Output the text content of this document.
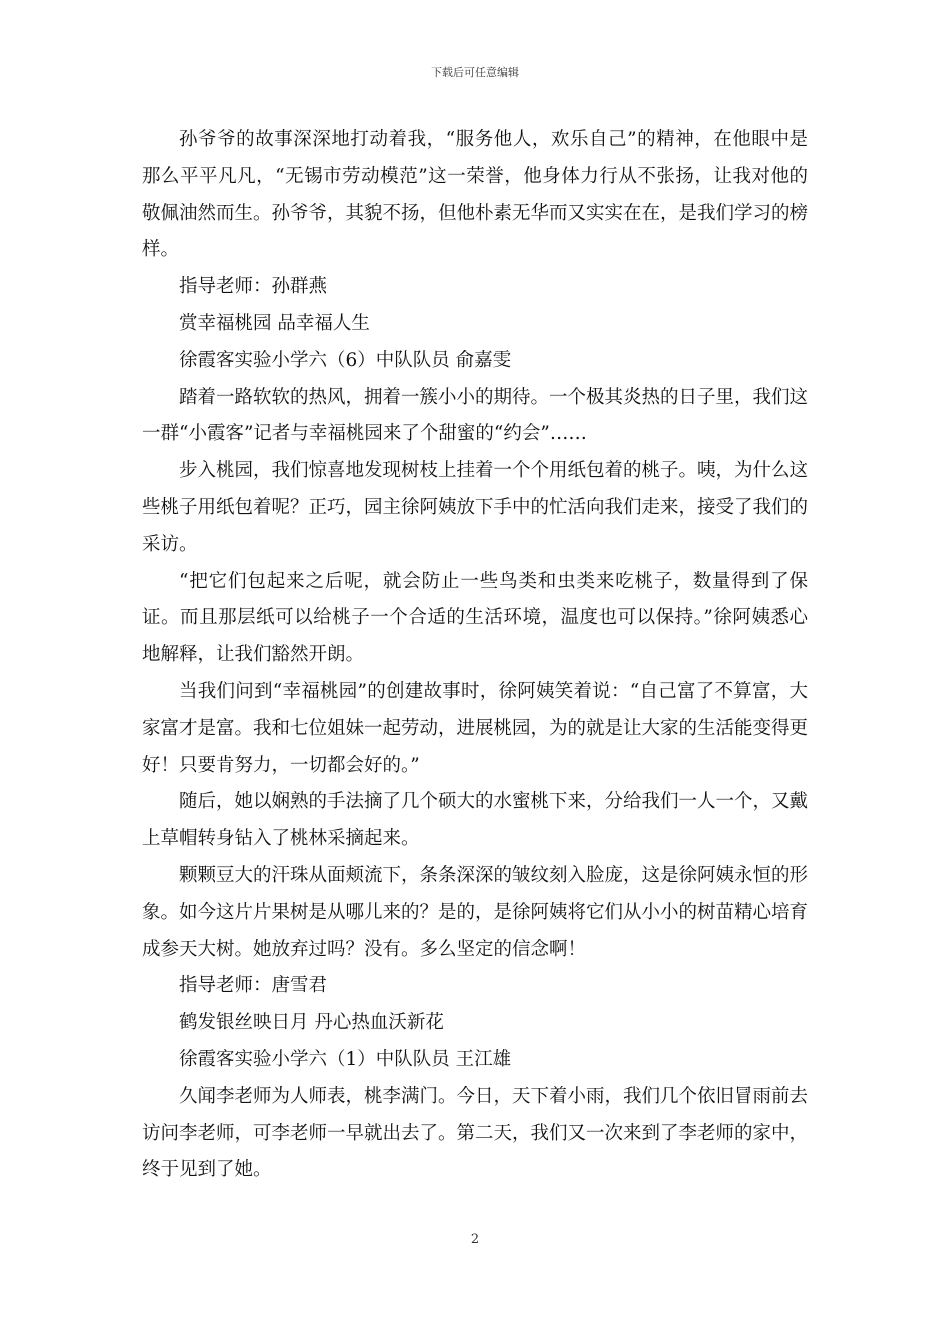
下载后可任意编辑

孙爷爷的故事深深地打动着我，“服务他人，欢乐自己”的精神，在他眼中是那么平平凡凡，“无锡市劳动模范”这一荣誉，他身体力行从不张扬，让我对他的敬佩油然而生。孙爷爷，其貌不扬，但他朴素无华而又实实在在，是我们学习的榜样。

指导老师：孙群燕

赏幸福桃园 品幸福人生

徐霞客实验小学六（6）中队队员 俞嘉雯

踏着一路软软的热风，拥着一簇小小的期待。一个极其炎热的日子里，我们这一群“小霞客”记者与幸福桃园来了个甜蜜的“约会”……

步入桃园，我们惊喜地发现树枝上挂着一个个用纸包着的桃子。咦，为什么这些桃子用纸包着呢？正巧，园主徐阿姨放下手中的忙活向我们走来，接受了我们的采访。

“把它们包起来之后呢，就会防止一些鸟类和虫类来吃桃子，数量得到了保证。而且那层纸可以给桃子一个合适的生活环境，温度也可以保持。”徐阿姨悉心地解释，让我们豁然开朗。

当我们问到“幸福桃园”的创建故事时，徐阿姨笑着说：“自己富了不算富，大家富才是富。我和七位姐妹一起劳动，进展桃园，为的就是让大家的生活能变得更好！只要肯努力，一切都会好的。”

随后，她以娴熟的手法摘了几个硕大的水蜜桃下来，分给我们一人一个，又戴上草帽转身钻入了桃林采摘起来。

颗颗豆大的汗珠从面颊流下，条条深深的皱纹刻入脸庞，这是徐阿姨永恒的形象。如今这片片果树是从哪儿来的？是的，是徐阿姨将它们从小小的树苗精心培育成参天大树。她放弃过吗？没有。多么坚定的信念啊！

指导老师：唐雪君

鹤发银丝映日月 丹心热血沃新花

徐霞客实验小学六（1）中队队员 王江雄

久闻李老师为人师表，桃李满门。今日，天下着小雨，我们几个依旧冒雨前去访问李老师，可李老师一早就出去了。第二天，我们又一次来到了李老师的家中，终于见到了她。

2
